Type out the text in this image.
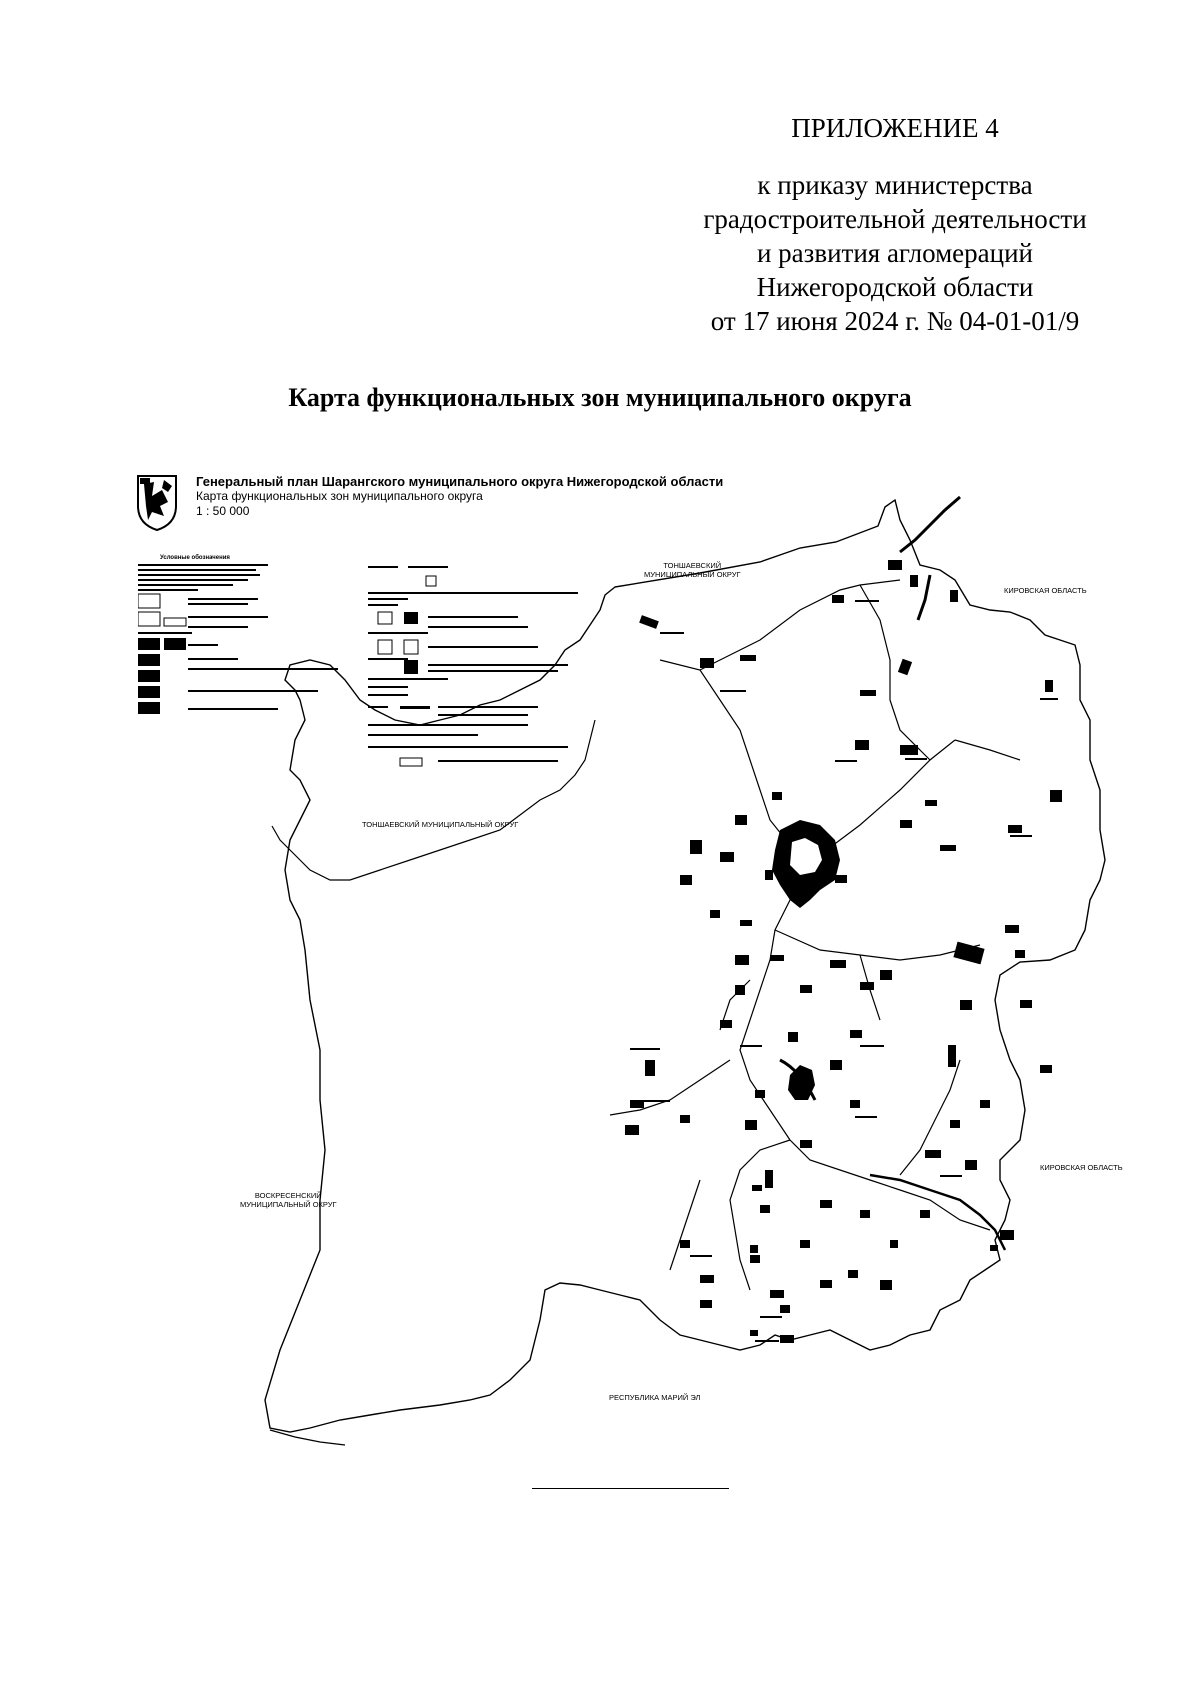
ПРИЛОЖЕНИЕ 4

к приказу министерства
градостроительной деятельности
и развития агломераций
Нижегородской области
от 17 июня 2024 г. № 04-01-01/9
Карта функциональных зон муниципального округа
Генеральный план Шарангского муниципального округа Нижегородской области
Карта функциональных зон муниципального округа
1 : 50 000
Условные обозначения
ТОНШАЕВСКИЙ
МУНИЦИПАЛЬНЫЙ ОКРУГ
КИРОВСКАЯ ОБЛАСТЬ
ТОНШАЕВСКИЙ МУНИЦИПАЛЬНЫЙ ОКРУГ
КИРОВСКАЯ ОБЛАСТЬ
ВОСКРЕСЕНСКИЙ
МУНИЦИПАЛЬНЫЙ ОКРУГ
РЕСПУБЛИКА МАРИЙ ЭЛ
